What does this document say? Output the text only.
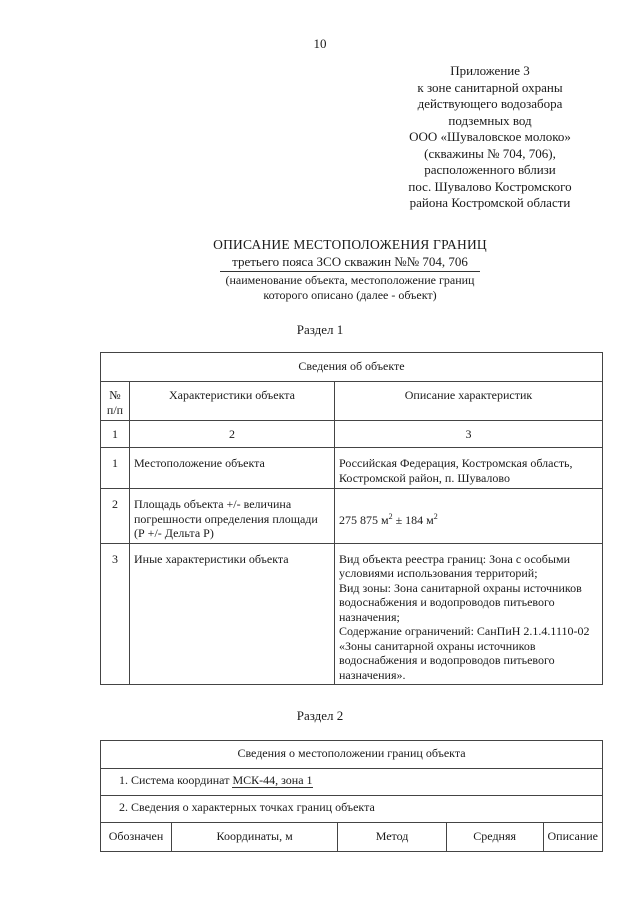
10
Приложение 3
к зоне санитарной охраны
действующего водозабора
подземных вод
ООО «Шуваловское молоко»
(скважины № 704, 706),
расположенного вблизи
пос. Шувалово Костромского
района Костромской области
ОПИСАНИЕ МЕСТОПОЛОЖЕНИЯ ГРАНИЦ
третьего пояса ЗСО скважин №№ 704, 706
(наименование объекта, местоположение границ
которого описано (далее - объект)
Раздел 1
Сведения об объекте		
№ п/п	Характеристики объекта	Описание характеристик
1	2	3
1	Местоположение объекта	Российская Федерация, Костромская область, Костромской район, п. Шувалово
2	Площадь объекта +/- величина погрешности определения площади (Р +/- Дельта Р)	275 875 $м^2 \pm 184$ $м^2$
3	Иные характеристики объекта	Вид объекта реестра границ: Зона с особыми условиями использования территорий;
Вид зоны: Зона санитарной охраны источников водоснабжения и водопроводов питьевого назначения;
Содержание ограничений: СанПиН 2.1.4.1110-02 «Зоны санитарной охраны источников водоснабжения и водопроводов питьевого назначения».
Раздел 2
Сведения о местоположении границ объекта
1. Система координат МСК-44, зона 1
2. Сведения о характерных точках границ объекта
Обозначен	Координаты, м	Метод	Средняя	Описание
